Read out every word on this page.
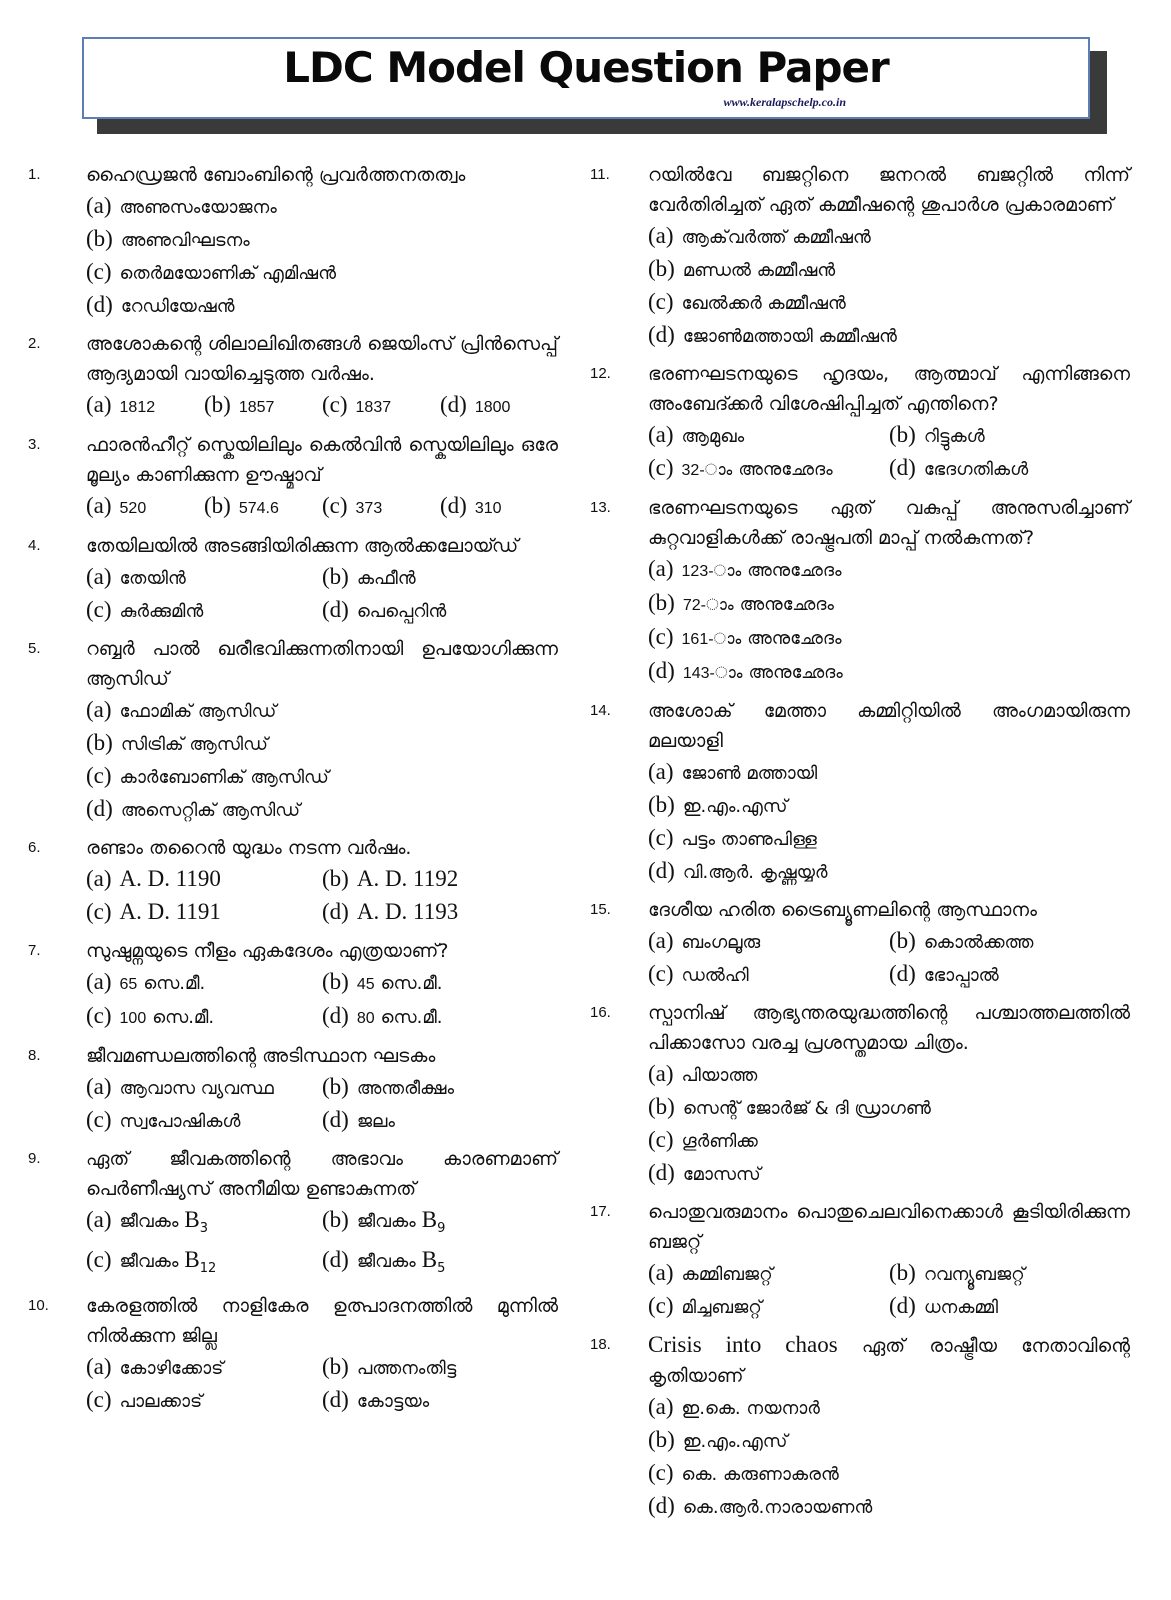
LDC Model Question Paper
www.keralapschelp.co.in
1.	ഹൈഡ്രജൻ ബോംബിന്റെ പ്രവർത്തനതത്വം
(a) അണുസംയോജനം
(b) അണുവിഘടനം
(c) തെർമയോണിക് എമിഷൻ
(d) റേഡിയേഷൻ
2.	അശോകന്റെ ശിലാലിഖിതങ്ങൾ ജെയിംസ് പ്രിൻസെപ്പ് ആദ്യമായി വായിച്ചെടുത്ത വർഷം.
(a) 1812	(b) 1857	(c) 1837	(d) 1800
3.	ഫാരൻഹീറ്റ് സ്കെയിലിലും കെൽവിൻ സ്കെയിലിലും ഒരേ മൂല്യം കാണിക്കുന്ന ഊഷ്മാവ്
(a) 520	(b) 574.6	(c) 373	(d) 310
4.	തേയിലയിൽ അടങ്ങിയിരിക്കുന്ന ആൽക്കലോയ്ഡ്
(a) തേയിൻ	(b) കഫീൻ
(c) കുർക്കുമിൻ	(d) പെപ്പെറിൻ
5.	റബ്ബർ പാൽ ഖരീഭവിക്കുന്നതിനായി ഉപയോഗിക്കുന്ന ആസിഡ്
(a) ഫോമിക് ആസിഡ്
(b) സിട്രിക് ആസിഡ്
(c) കാർബോണിക് ആസിഡ്
(d) അസെറ്റിക് ആസിഡ്
6.	രണ്ടാം തറൈൻ യുദ്ധം നടന്ന വർഷം.
(a) A. D. 1190	(b) A. D. 1192
(c) A. D. 1191	(d) A. D. 1193
7.	സുഷുമ്നയുടെ നീളം ഏകദേശം എത്രയാണ്?
(a) 65 സെ.മീ.	(b) 45 സെ.മീ.
(c) 100 സെ.മീ.	(d) 80 സെ.മീ.
8.	ജീവമണ്ഡലത്തിന്റെ അടിസ്ഥാന ഘടകം
(a) ആവാസ വ്യവസ്ഥ	(b) അന്തരീക്ഷം
(c) സ്വപോഷികൾ	(d) ജലം
9.	ഏത് ജീവകത്തിന്റെ അഭാവം കാരണമാണ് പെർണീഷ്യസ് അനീമിയ ഉണ്ടാകുന്നത്
(a) ജീവകം $B_3$	(b) ജീവകം $B_9$
(c) ജീവകം $B_{12}$	(d) ജീവകം $B_5$
10.	കേരളത്തിൽ നാളികേര ഉത്പാദനത്തിൽ മുന്നിൽ നിൽക്കുന്ന ജില്ല
(a) കോഴിക്കോട്	(b) പത്തനംതിട്ട
(c) പാലക്കാട്	(d) കോട്ടയം
11.	റയിൽവേ ബജറ്റിനെ ജനറൽ ബജറ്റിൽ നിന്ന് വേർതിരിച്ചത് ഏത് കമ്മീഷന്റെ ശുപാർശ പ്രകാരമാണ്
(a) ആക്‌വർത്ത് കമ്മീഷൻ
(b) മണ്ഡൽ കമ്മീഷൻ
(c) ഖേൽക്കർ കമ്മീഷൻ
(d) ജോൺമത്തായി കമ്മീഷൻ
12.	ഭരണഘടനയുടെ ഹൃദയം, ആത്മാവ് എന്നിങ്ങനെ അംബേദ്ക്കർ വിശേഷിപ്പിച്ചത് എന്തിനെ?
(a) ആമുഖം	(b) റിട്ടുകൾ
(c) 32-ാം അനുഛേദം	(d) ഭേദഗതികൾ
13.	ഭരണഘടനയുടെ ഏത് വകുപ്പ് അനുസരിച്ചാണ് കുറ്റവാളികൾക്ക് രാഷ്ട്രപതി മാപ്പ് നൽകുന്നത്?
(a) 123-ാം അനുഛേദം
(b) 72-ാം അനുഛേദം
(c) 161-ാം അനുഛേദം
(d) 143-ാം അനുഛേദം
14.	അശോക് മേത്താ കമ്മിറ്റിയിൽ അംഗമായിരുന്ന മലയാളി
(a) ജോൺ മത്തായി
(b) ഇ.എം.എസ്
(c) പട്ടം താണുപിള്ള
(d) വി.ആർ. കൃഷ്ണയ്യർ
15.	ദേശീയ ഹരിത ട്രൈബ്യൂണലിന്റെ ആസ്ഥാനം
(a) ബംഗലൂരു	(b) കൊൽക്കത്ത
(c) ഡൽഹി	(d) ഭോപ്പാൽ
16.	സ്പാനിഷ് ആഭ്യന്തരയുദ്ധത്തിന്റെ പശ്ചാത്തലത്തിൽ പിക്കാസോ വരച്ച പ്രശസ്തമായ ചിത്രം.
(a) പിയാത്ത
(b) സെന്റ് ജോർജ് & ദി ഡ്രാഗൺ
(c) ഗൂർണിക്ക
(d) മോസസ്
17.	പൊതുവരുമാനം പൊതുചെലവിനെക്കാൾ കൂടിയിരിക്കുന്ന ബജറ്റ്
(a) കമ്മിബജറ്റ്	(b) റവന്യൂബജറ്റ്
(c) മിച്ചബജറ്റ്	(d) ധനകമ്മി
18.	Crisis into chaos ഏത് രാഷ്ട്രീയ നേതാവിന്റെ കൃതിയാണ്
(a) ഇ.കെ. നയനാർ
(b) ഇ.എം.എസ്
(c) കെ. കരുണാകരൻ
(d) കെ.ആർ.നാരായണൻ
